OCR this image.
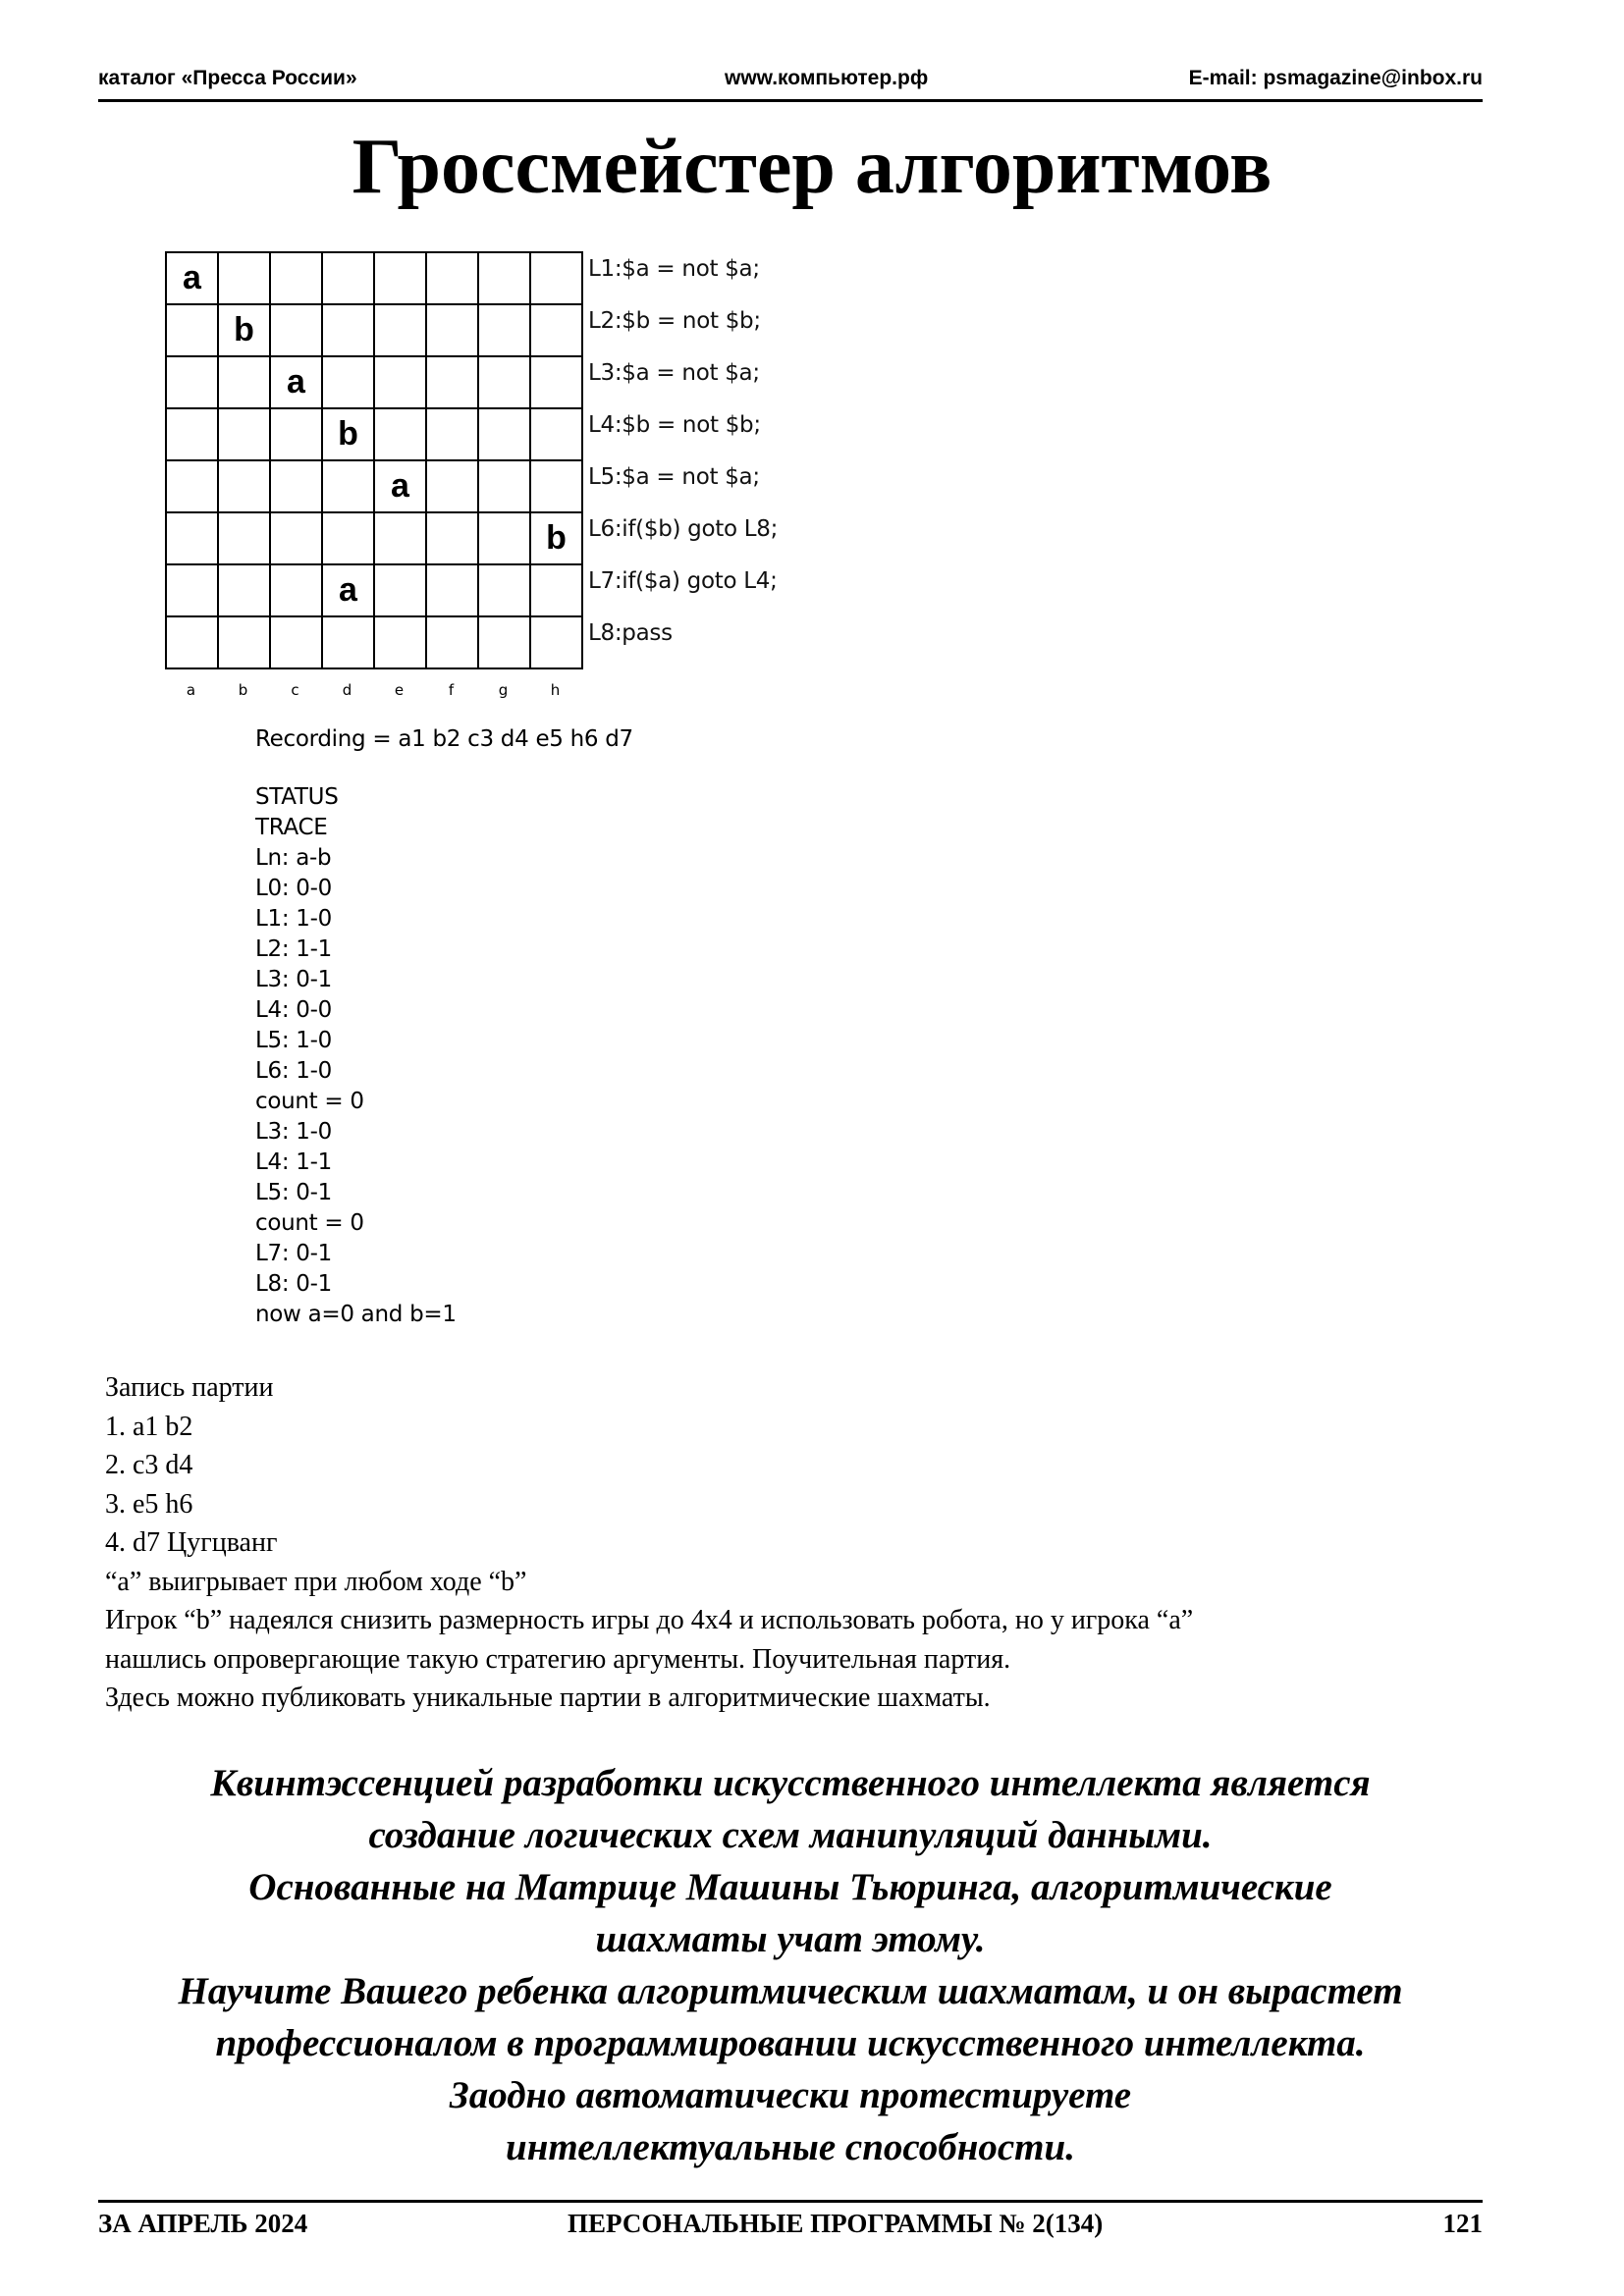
каталог «Пресса России»	www.компьютер.рф	E-mail: psmagazine@inbox.ru
Гроссмейстер алгоритмов
a							
	b						
		a					
			b				
				a			
							b
			a				

a	b	c	d	e	f	g	h
L1:$a = not $a;
L2:$b = not $b;
L3:$a = not $a;
L4:$b = not $b;
L5:$a = not $a;
L6:if($b) goto L8;
L7:if($a) goto L4;
L8:pass
Recording = a1 b2 c3 d4 e5 h6 d7
STATUS
TRACE
Ln: a-b
L0: 0-0
L1: 1-0
L2: 1-1
L3: 0-1
L4: 0-0
L5: 1-0
L6: 1-0
count = 0
L3: 1-0
L4: 1-1
L5: 0-1
count = 0
L7: 0-1
L8: 0-1
now a=0 and b=1
Запись партии
1. a1 b2
2. c3 d4
3. e5 h6
4. d7 Цугцванг
“a” выигрывает при любом ходе “b”
Игрок “b” надеялся снизить размерность игры до 4х4 и использовать робота, но у игрока “a”
нашлись опровергающие такую стратегию аргументы. Поучительная партия.
Здесь можно публиковать уникальные партии в алгоритмические шахматы.
Квинтэссенцией разработки искусственного интеллекта является
создание логических схем манипуляций данными.
Основанные на Матрице Машины Тьюринга, алгоритмические
шахматы учат этому.
Научите Вашего ребенка алгоритмическим шахматам, и он вырастет
профессионалом в программировании искусственного интеллекта.
Заодно автоматически протестируете
интеллектуальные способности.
ЗА АПРЕЛЬ 2024	ПЕРСОНАЛЬНЫЕ ПРОГРАММЫ № 2(134)	121
